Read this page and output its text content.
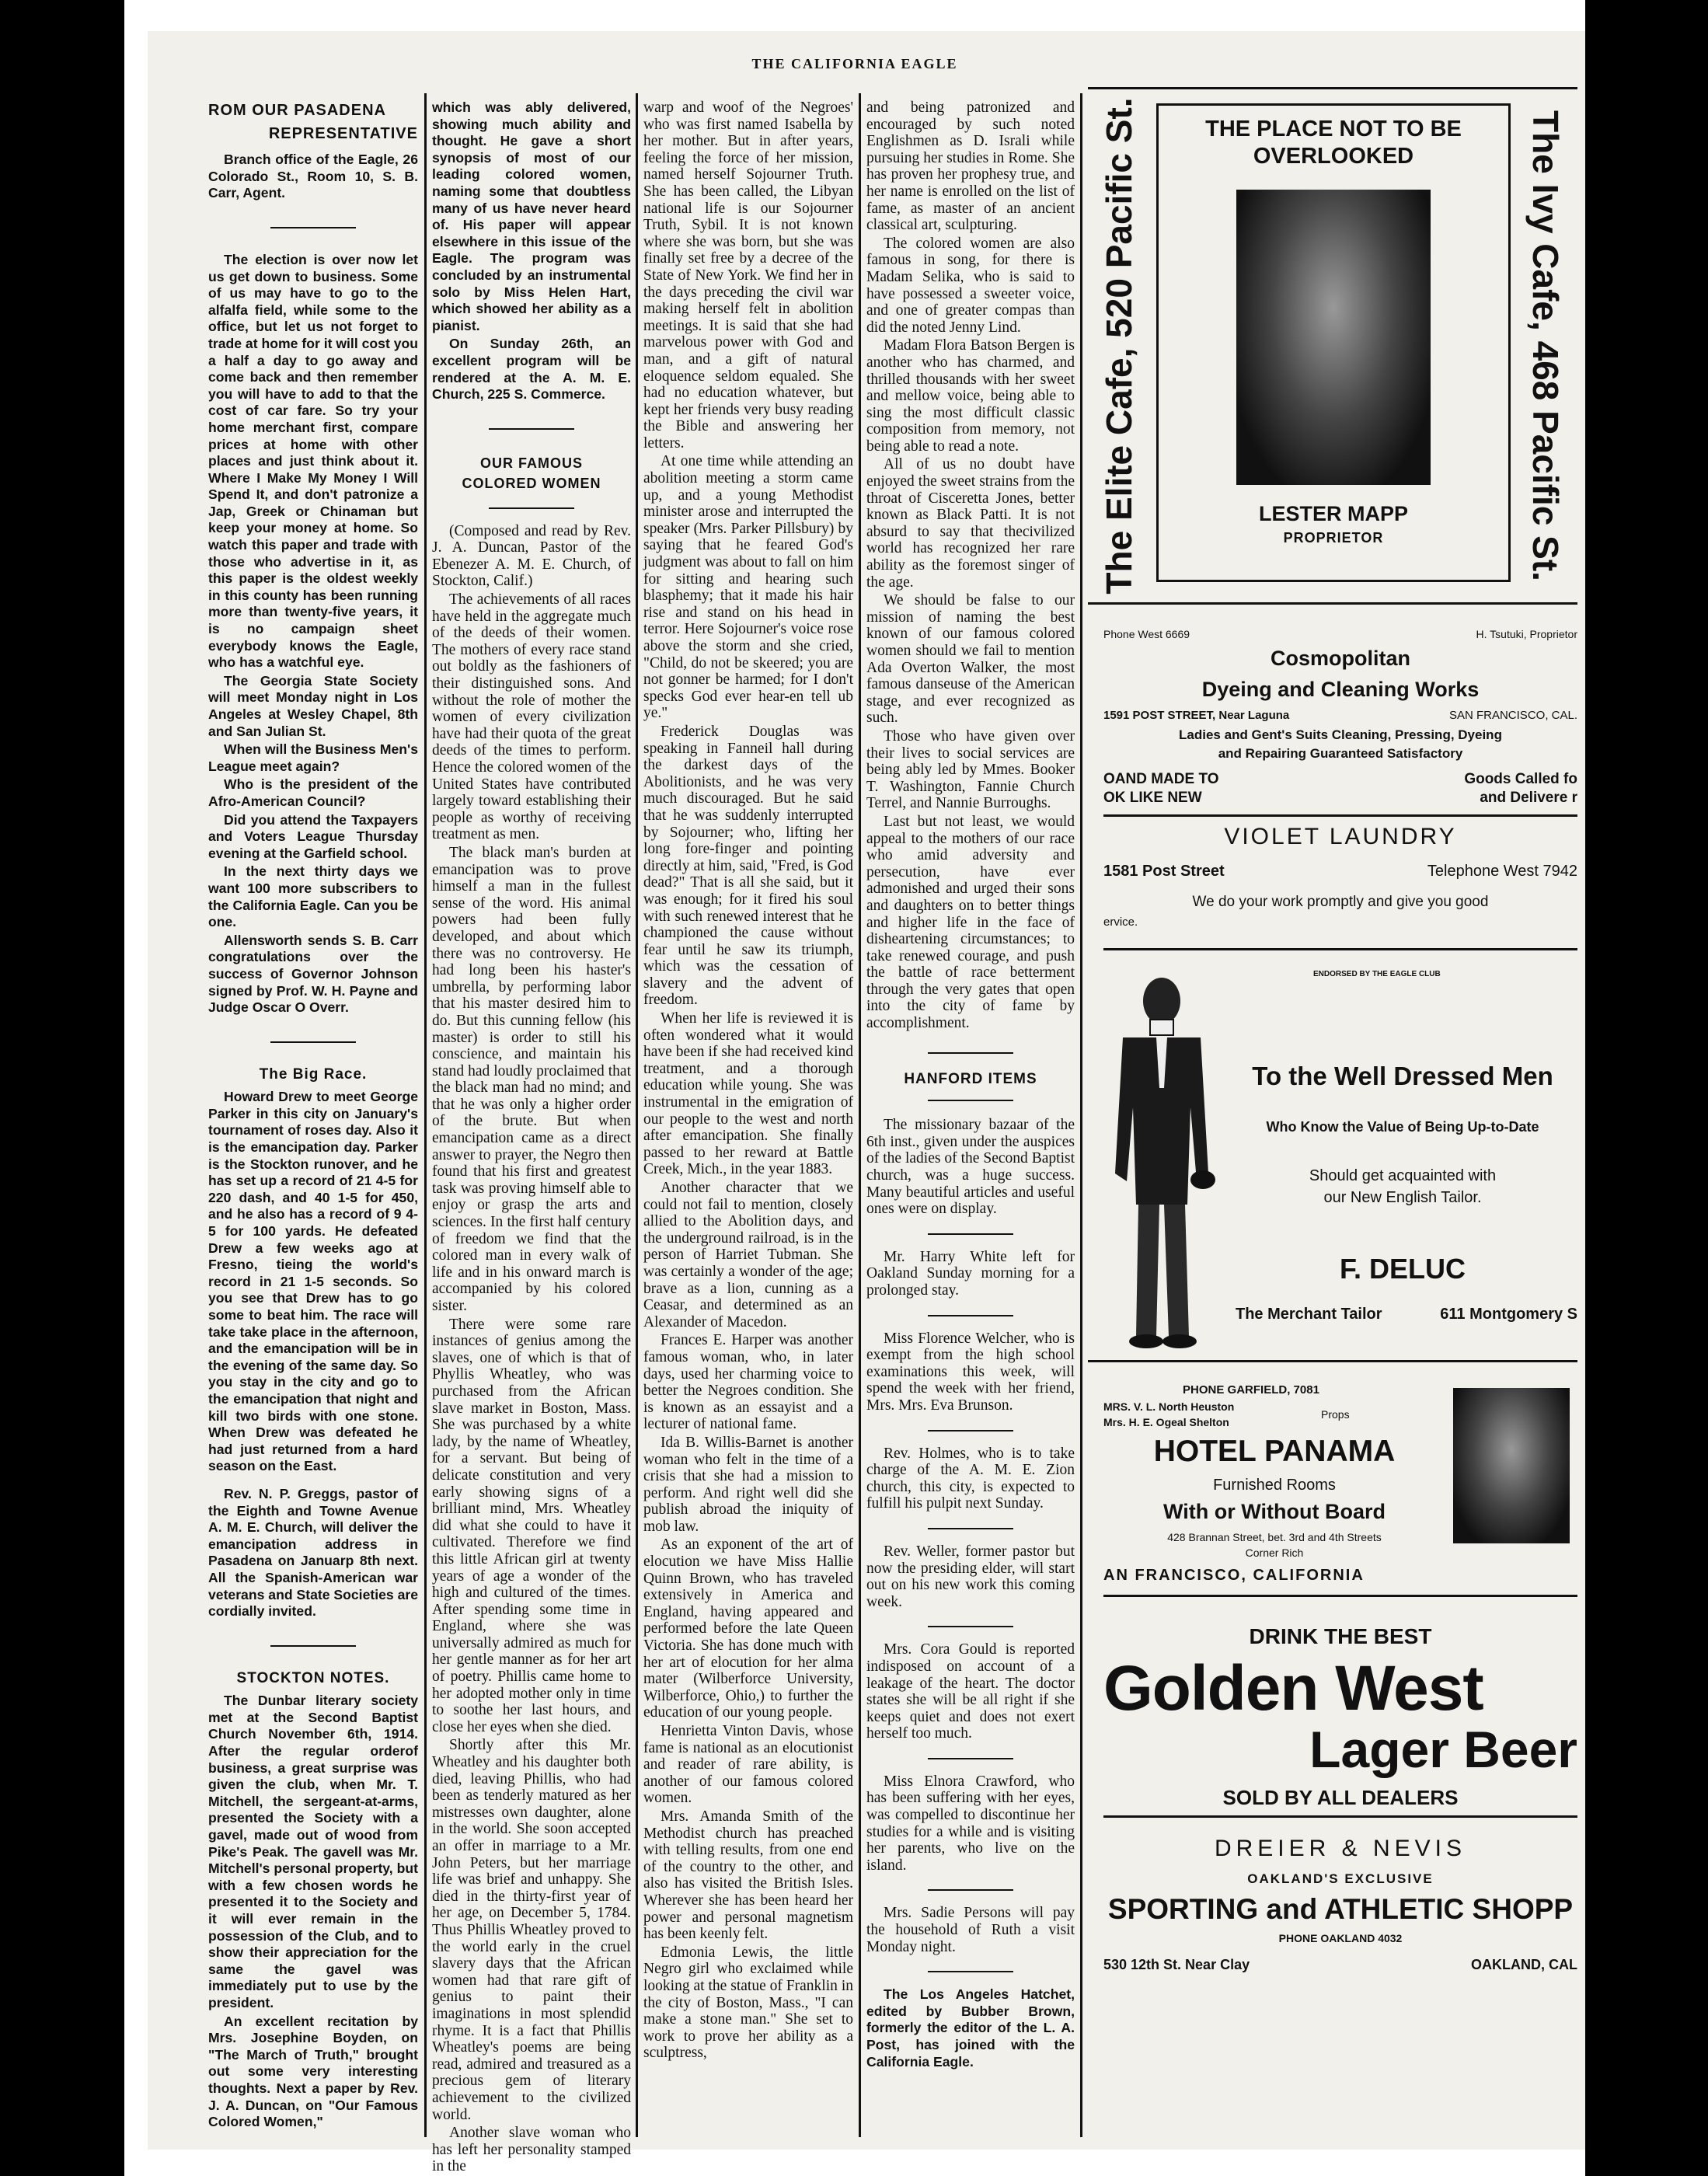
THE CALIFORNIA EAGLE
ROM OUR PASADENA
REPRESENTATIVE

Branch office of the Eagle, 26 Colorado St., Room 10, S. B. Carr, Agent.

The election is over now let us get down to business. Some of us may have to go to the alfalfa field, while some to the office, but let us not forget to trade at home for it will cost you a half a day to go away and come back and then remember you will have to add to that the cost of car fare. So try your home merchant first, compare prices at home with other places and just think about it. Where I Make My Money I Will Spend It, and don't patronize a Jap, Greek or Chinaman but keep your money at home. So watch this paper and trade with those who advertise in it, as this paper is the oldest weekly in this county has been running more than twenty-five years, it is no campaign sheet everybody knows the Eagle, who has a watchful eye.

The Georgia State Society will meet Monday night in Los Angeles at Wesley Chapel, 8th and San Julian St.

When will the Business Men's League meet again?

Who is the president of the Afro-American Council?

Did you attend the Taxpayers and Voters League Thursday evening at the Garfield school.

In the next thirty days we want 100 more subscribers to the California Eagle. Can you be one.

Allensworth sends S. B. Carr congratulations over the success of Governor Johnson signed by Prof. W. H. Payne and Judge Oscar O Overr.

The Big Race.

Howard Drew to meet George Parker in this city on January's tournament of roses day. Also it is the emancipation day. Parker is the Stockton runover, and he has set up a record of 21 4-5 for 220 dash, and 40 1-5 for 450, and he also has a record of 9 4-5 for 100 yards. He defeated Drew a few weeks ago at Fresno, tieing the world's record in 21 1-5 seconds. So you see that Drew has to go some to beat him. The race will take take place in the afternoon, and the emancipation will be in the evening of the same day. So you stay in the city and go to the emancipation that night and kill two birds with one stone. When Drew was defeated he had just returned from a hard season on the East.

Rev. N. P. Greggs, pastor of the Eighth and Towne Avenue A. M. E. Church, will deliver the emancipation address in Pasadena on Januarp 8th next. All the Spanish-American war veterans and State Societies are cordially invited.

STOCKTON NOTES.

The Dunbar literary society met at the Second Baptist Church November 6th, 1914. After the regular orderof business, a great surprise was given the club, when Mr. T. Mitchell, the sergeant-at-arms, presented the Society with a gavel, made out of wood from Pike's Peak. The gavell was Mr. Mitchell's personal property, but with a few chosen words he presented it to the Society and it will ever remain in the possession of the Club, and to show their appreciation for the same the gavel was immediately put to use by the president.

An excellent recitation by Mrs. Josephine Boyden, on "The March of Truth," brought out some very interesting thoughts. Next a paper by Rev. J. A. Duncan, on "Our Famous Colored Women,"

which was ably delivered, showing much ability and thought. He gave a short synopsis of most of our leading colored women, naming some that doubtless many of us have never heard of. His paper will appear elsewhere in this issue of the Eagle. The program was concluded by an instrumental solo by Miss Helen Hart, which showed her ability as a pianist.

On Sunday 26th, an excellent program will be rendered at the A. M. E. Church, 225 S. Commerce.

OUR FAMOUS COLORED WOMEN

(Composed and read by Rev. J. A. Duncan, Pastor of the Ebenezer A. M. E. Church, of Stockton, Calif.)

The achievements of all races have held in the aggregate much of the deeds of their women. The mothers of every race stand out boldly as the fashioners of their distinguished sons. And without the role of mother the women of every civilization have had their quota of the great deeds of the times to perform. Hence the colored women of the United States have contributed largely toward establishing their people as worthy of receiving treatment as men.

The black man's burden at emancipation was to prove himself a man in the fullest sense of the word. His animal powers had been fully developed, and about which there was no controversy. He had long been his haster's umbrella, by performing labor that his master desired him to do. But this cunning fellow (his master) is order to still his conscience, and maintain his stand had loudly proclaimed that the black man had no mind; and that he was only a higher order of the brute. But when emancipation came as a direct answer to prayer, the Negro then found that his first and greatest task was proving himself able to enjoy or grasp the arts and sciences. In the first half century of freedom we find that the colored man in every walk of life and in his onward march is accompanied by his colored sister.

There were some rare instances of genius among the slaves, one of which is that of Phyllis Wheatley, who was purchased from the African slave market in Boston, Mass. She was purchased by a white lady, by the name of Wheatley, for a servant. But being of delicate constitution and very early showing signs of a brilliant mind, Mrs. Wheatley did what she could to have it cultivated. Therefore we find this little African girl at twenty years of age a wonder of the high and cultured of the times. After spending some time in England, where she was universally admired as much for her gentle manner as for her art of poetry. Phillis came home to her adopted mother only in time to soothe her last hours, and close her eyes when she died.

Shortly after this Mr. Wheatley and his daughter both died, leaving Phillis, who had been as tenderly matured as her mistresses own daughter, alone in the world. She soon accepted an offer in marriage to a Mr. John Peters, but her marriage life was brief and unhappy. She died in the thirty-first year of her age, on December 5, 1784. Thus Phillis Wheatley proved to the world early in the cruel slavery days that the African women had that rare gift of genius to paint their imaginations in most splendid rhyme. It is a fact that Phillis Wheatley's poems are being read, admired and treasured as a precious gem of literary achievement to the civilized world.

Another slave woman who has left her personality stamped in the

warp and woof of the Negroes' who was first named Isabella by her mother. But in after years, feeling the force of her mission, named herself Sojourner Truth. She has been called, the Libyan national life is our Sojourner Truth, Sybil. It is not known where she was born, but she was finally set free by a decree of the State of New York. We find her in the days preceding the civil war making herself felt in abolition meetings. It is said that she had marvelous power with God and man, and a gift of natural eloquence seldom equaled. She had no education whatever, but kept her friends very busy reading the Bible and answering her letters.

At one time while attending an abolition meeting a storm came up, and a young Methodist minister arose and interrupted the speaker (Mrs. Parker Pillsbury) by saying that he feared God's judgment was about to fall on him for sitting and hearing such blasphemy; that it made his hair rise and stand on his head in terror. Here Sojourner's voice rose above the storm and she cried, "Child, do not be skeered; you are not gonner be harmed; for I don't specks God ever hear-en tell ub ye."

Frederick Douglas was speaking in Fanneil hall during the darkest days of the Abolitionists, and he was very much discouraged. But he said that he was suddenly interrupted by Sojourner; who, lifting her long fore-finger and pointing directly at him, said, "Fred, is God dead?" That is all she said, but it was enough; for it fired his soul with such renewed interest that he championed the cause without fear until he saw its triumph, which was the cessation of slavery and the advent of freedom.

When her life is reviewed it is often wondered what it would have been if she had received kind treatment, and a thorough education while young. She was instrumental in the emigration of our people to the west and north after emancipation. She finally passed to her reward at Battle Creek, Mich., in the year 1883.

Another character that we could not fail to mention, closely allied to the Abolition days, and the underground railroad, is in the person of Harriet Tubman. She was certainly a wonder of the age; brave as a lion, cunning as a Ceasar, and determined as an Alexander of Macedon.

Frances E. Harper was another famous woman, who, in later days, used her charming voice to better the Negroes condition. She is known as an essayist and a lecturer of national fame.

Ida B. Willis-Barnet is another woman who felt in the time of a crisis that she had a mission to perform. And right well did she publish abroad the iniquity of mob law.

As an exponent of the art of elocution we have Miss Hallie Quinn Brown, who has traveled extensively in America and England, having appeared and performed before the late Queen Victoria. She has done much with her art of elocution for her alma mater (Wilberforce University, Wilberforce, Ohio,) to further the education of our young people.

Henrietta Vinton Davis, whose fame is national as an elocutionist and reader of rare ability, is another of our famous colored women.

Mrs. Amanda Smith of the Methodist church has preached with telling results, from one end of the country to the other, and also has visited the British Isles. Wherever she has been heard her power and personal magnetism has been keenly felt.

Edmonia Lewis, the little Negro girl who exclaimed while looking at the statue of Franklin in the city of Boston, Mass., "I can make a stone man." She set to work to prove her ability as a sculptress,

and being patronized and encouraged by such noted Englishmen as D. Israli while pursuing her studies in Rome. She has proven her prophesy true, and her name is enrolled on the list of fame, as master of an ancient classical art, sculpturing.

The colored women are also famous in song, for there is Madam Selika, who is said to have possessed a sweeter voice, and one of greater compas than did the noted Jenny Lind.

Madam Flora Batson Bergen is another who has charmed, and thrilled thousands with her sweet and mellow voice, being able to sing the most difficult classic composition from memory, not being able to read a note.

All of us no doubt have enjoyed the sweet strains from the throat of Cisceretta Jones, better known as Black Patti. It is not absurd to say that thecivilized world has recognized her rare ability as the foremost singer of the age.

We should be false to our mission of naming the best known of our famous colored women should we fail to mention Ada Overton Walker, the most famous danseuse of the American stage, and ever recognized as such.

Those who have given over their lives to social services are being ably led by Mmes. Booker T. Washington, Fannie Church Terrel, and Nannie Burroughs.

Last but not least, we would appeal to the mothers of our race who amid adversity and persecution, have ever admonished and urged their sons and daughters on to better things and higher life in the face of disheartening circumstances; to take renewed courage, and push the battle of race betterment through the very gates that open into the city of fame by accomplishment.

HANFORD ITEMS

The missionary bazaar of the 6th inst., given under the auspices of the ladies of the Second Baptist church, was a huge success. Many beautiful articles and useful ones were on display.

Mr. Harry White left for Oakland Sunday morning for a prolonged stay.

Miss Florence Welcher, who is exempt from the high school examinations this week, will spend the week with her friend, Mrs. Mrs. Eva Brunson.

Rev. Holmes, who is to take charge of the A. M. E. Zion church, this city, is expected to fulfill his pulpit next Sunday.

Rev. Weller, former pastor but now the presiding elder, will start out on his new work this coming week.

Mrs. Cora Gould is reported indisposed on account of a leakage of the heart. The doctor states she will be all right if she keeps quiet and does not exert herself too much.

Miss Elnora Crawford, who has been suffering with her eyes, was compelled to discontinue her studies for a while and is visiting her parents, who live on the island.

Mrs. Sadie Persons will pay the household of Ruth a visit Monday night.

The Los Angeles Hatchet, edited by Bubber Brown, formerly the editor of the L. A. Post, has joined with the California Eagle.

The Elite Cafe, 520 Pacific St.	THE PLACE NOT TO BE
OVERLOOKED
LESTER MAPP
PROPRIETOR	The Ivy Cafe, 468 Pacific St.
Phone West 6669	H. Tsutuki, Proprietor
Cosmopolitan
Dyeing and Cleaning Works
1591 POST STREET, Near Laguna	SAN FRANCISCO, CAL.
Ladies and Gent's Suits Cleaning, Pressing, Dyeing
and Repairing Guaranteed Satisfactory
OAND MADE TO
OK LIKE NEW
Goods Called fo
and Delivere r
VIOLET LAUNDRY
1581 Post Street	Telephone West 7942
We do your work promptly and give you good
ervice.
ENDORSED BY THE EAGLE CLUB
To the Well Dressed Men
Who Know the Value of Being Up-to-Date
Should get acquainted with
our New English Tailor.
F. DELUC
The Merchant Tailor	611 Montgomery S
PHONE GARFIELD, 7081
MRS. V. L. North Heuston
Mrs. H. E. Ogeal Shelton
Props
HOTEL PANAMA
Furnished Rooms
With or Without Board
428 Brannan Street, bet. 3rd and 4th Streets
Corner Rich
AN FRANCISCO, CALIFORNIA
DRINK THE BEST
Golden West
Lager Beer
SOLD BY ALL DEALERS
DREIER & NEVIS
OAKLAND'S EXCLUSIVE
SPORTING and ATHLETIC SHOPP
PHONE OAKLAND 4032
530 12th St. Near Clay	OAKLAND, CAL
